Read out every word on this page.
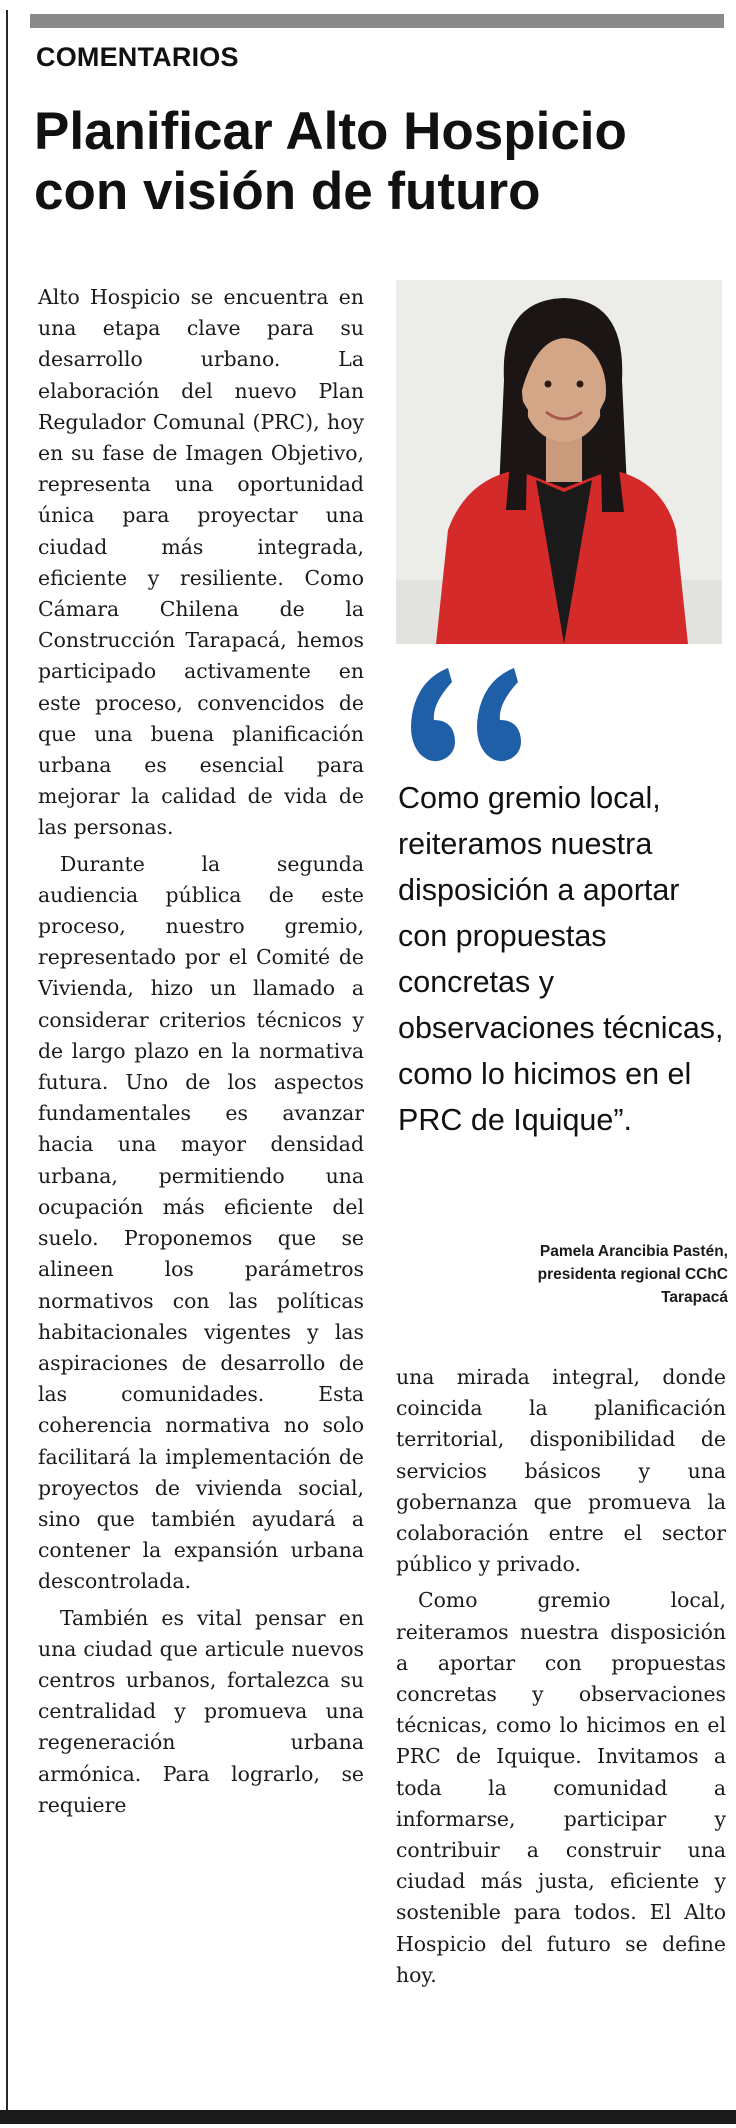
COMENTARIOS
Planificar Alto Hospicio con visión de futuro

Alto Hospicio se encuentra en una etapa clave para su desarrollo urbano. La elaboración del nuevo Plan Regulador Comunal (PRC), hoy en su fase de Imagen Objetivo, representa una oportunidad única para proyectar una ciudad más integrada, eficiente y resiliente. Como Cámara Chilena de la Construcción Tarapacá, hemos participado activamente en este proceso, convencidos de que una buena planificación urbana es esencial para mejorar la calidad de vida de las personas.

Durante la segunda audiencia pública de este proceso, nuestro gremio, representado por el Comité de Vivienda, hizo un llamado a considerar criterios técnicos y de largo plazo en la normativa futura. Uno de los aspectos fundamentales es avanzar hacia una mayor densidad urbana, permitiendo una ocupación más eficiente del suelo. Proponemos que se alineen los parámetros normativos con las políticas habitacionales vigentes y las aspiraciones de desarrollo de las comunidades. Esta coherencia normativa no solo facilitará la implementación de proyectos de vivienda social, sino que también ayudará a contener la expansión urbana descontrolada.

También es vital pensar en una ciudad que articule nuevos centros urbanos, fortalezca su centralidad y promueva una regeneración urbana armónica. Para lograrlo, se requiere

Como gremio local, reiteramos nuestra disposición a aportar con propuestas concretas y observaciones técnicas, como lo hicimos en el PRC de Iquique”.
Pamela Arancibia Pastén,
presidenta regional CChC
Tarapacá

una mirada integral, donde coincida la planificación territorial, disponibilidad de servicios básicos y una gobernanza que promueva la colaboración entre el sector público y privado.

Como gremio local, reiteramos nuestra disposición a aportar con propuestas concretas y observaciones técnicas, como lo hicimos en el PRC de Iquique. Invitamos a toda la comunidad a informarse, participar y contribuir a construir una ciudad más justa, eficiente y sostenible para todos. El Alto Hospicio del futuro se define hoy.
